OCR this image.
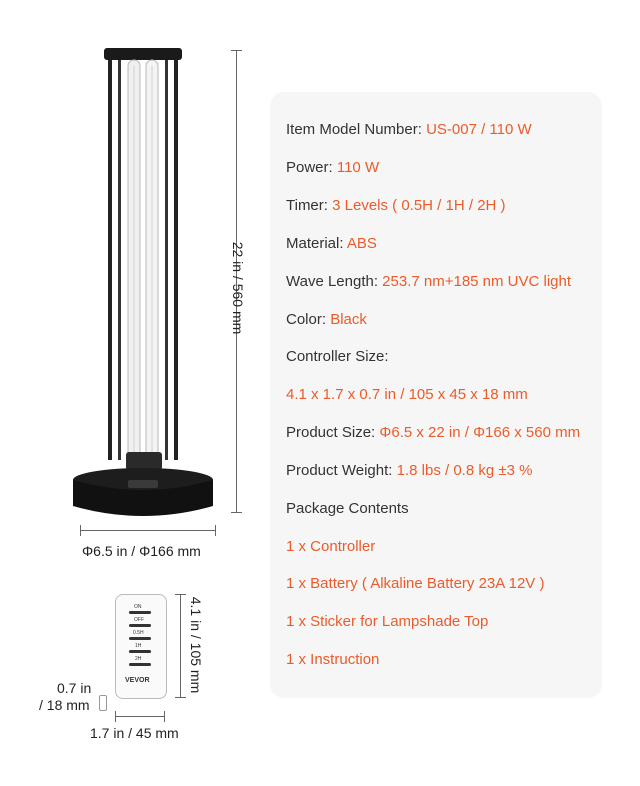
22 in / 560 mm
Φ6.5 in / Φ166 mm
ON
OFF
0.5H
1H
2H
VEVOR	4.1 in / 105 mm
0.7 in
/ 18 mm
1.7 in / 45 mm
Item Model Number: US-007 / 110 W
Power: 110 W
Timer: 3 Levels ( 0.5H / 1H / 2H )
Material: ABS
Wave Length: 253.7 nm+185 nm UVC light
Color: Black
Controller Size:
4.1 x 1.7 x 0.7 in / 105 x 45 x 18 mm
Product Size: Φ6.5 x 22 in / Φ166 x 560 mm
Product Weight: 1.8 lbs / 0.8 kg ±3 %
Package Contents
1 x Controller
1 x Battery ( Alkaline Battery 23A 12V )
1 x Sticker for Lampshade Top
1 x Instruction
